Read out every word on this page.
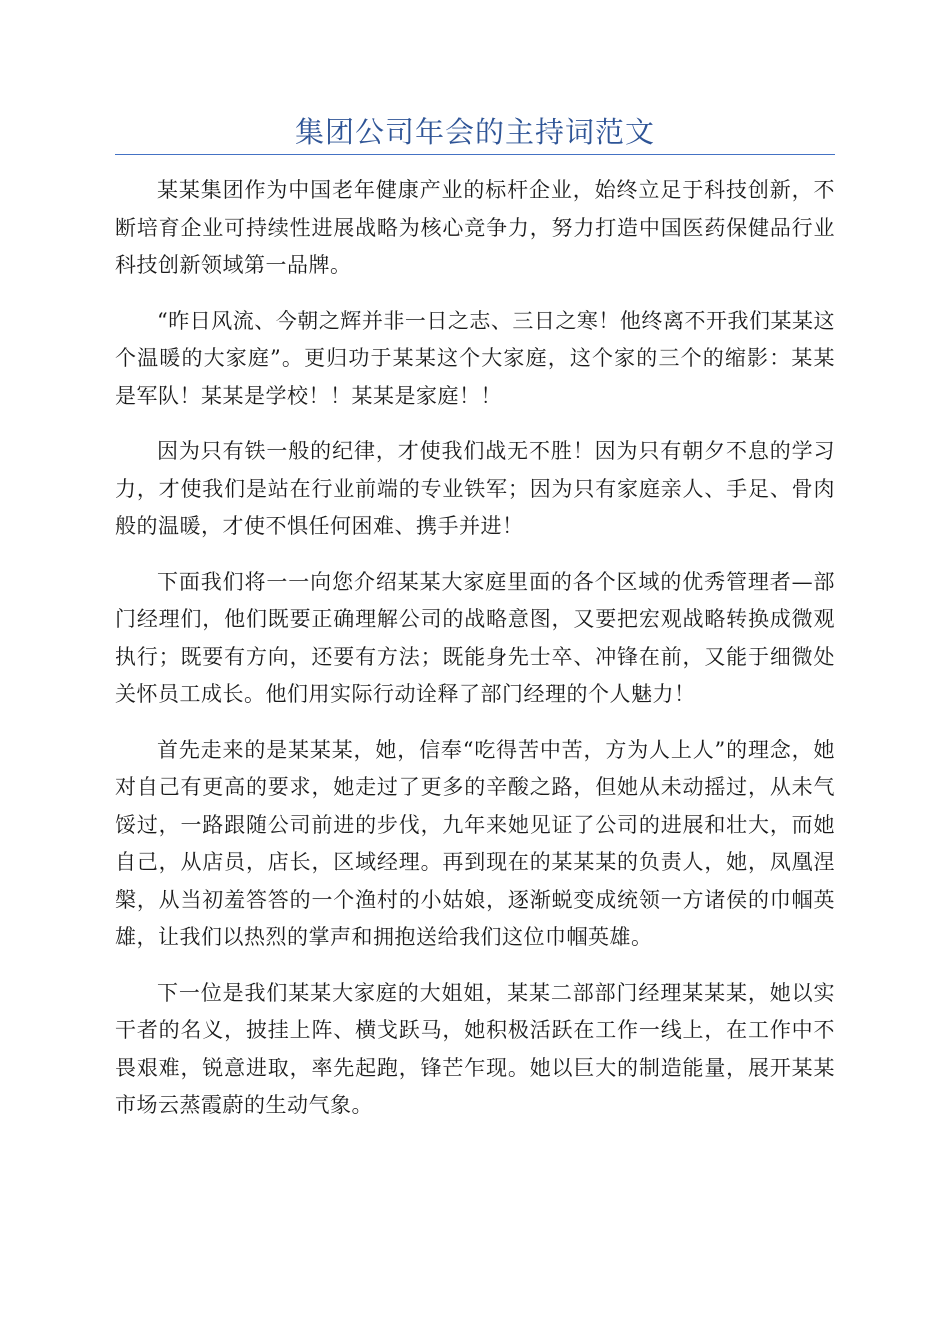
集团公司年会的主持词范文

某某集团作为中国老年健康产业的标杆企业，始终立足于科技创新，不断培育企业可持续性进展战略为核心竞争力，努力打造中国医药保健品行业科技创新领域第一品牌。

“昨日风流、今朝之辉并非一日之志、三日之寒！他终离不开我们某某这个温暖的大家庭”。更归功于某某这个大家庭，这个家的三个的缩影：某某是军队！某某是学校！！某某是家庭！！

因为只有铁一般的纪律，才使我们战无不胜！因为只有朝夕不息的学习力，才使我们是站在行业前端的专业铁军；因为只有家庭亲人、手足、骨肉般的温暖，才使不惧任何困难、携手并进！

下面我们将一一向您介绍某某大家庭里面的各个区域的优秀管理者—部门经理们，他们既要正确理解公司的战略意图，又要把宏观战略转换成微观执行；既要有方向，还要有方法；既能身先士卒、冲锋在前，又能于细微处关怀员工成长。他们用实际行动诠释了部门经理的个人魅力！

首先走来的是某某某，她，信奉“吃得苦中苦，方为人上人”的理念，她对自己有更高的要求，她走过了更多的辛酸之路，但她从未动摇过，从未气馁过，一路跟随公司前进的步伐，九年来她见证了公司的进展和壮大，而她自己，从店员，店长，区域经理。再到现在的某某某的负责人，她，凤凰涅槃，从当初羞答答的一个渔村的小姑娘，逐渐蜕变成统领一方诸侯的巾帼英雄，让我们以热烈的掌声和拥抱送给我们这位巾帼英雄。

下一位是我们某某大家庭的大姐姐，某某二部部门经理某某某，她以实干者的名义，披挂上阵、横戈跃马，她积极活跃在工作一线上，在工作中不畏艰难，锐意进取，率先起跑，锋芒乍现。她以巨大的制造能量，展开某某市场云蒸霞蔚的生动气象。
